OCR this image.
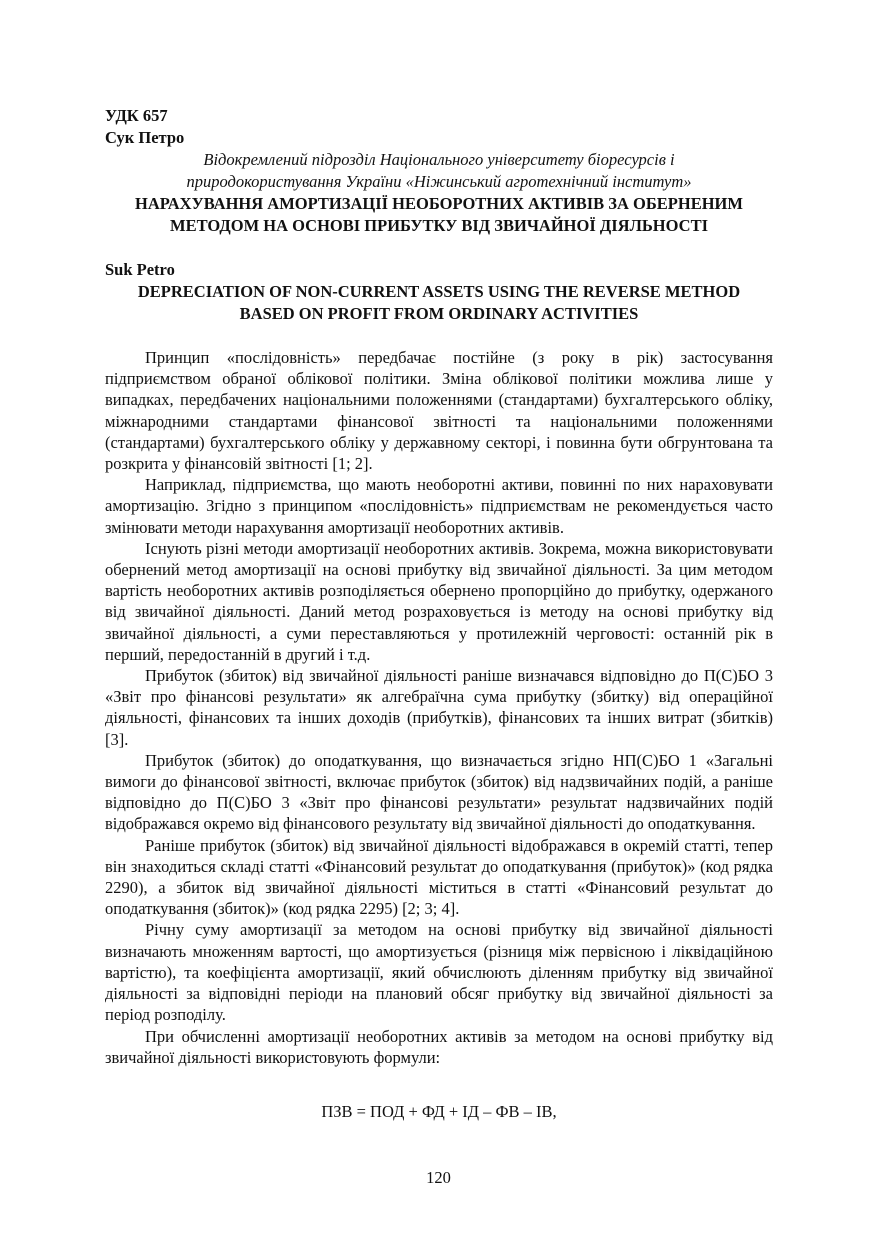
УДК 657

Сук Петро

Відокремлений підрозділ Національного університету біоресурсів і

природокористування України «Ніжинський агротехнічний інститут»

НАРАХУВАННЯ АМОРТИЗАЦІЇ НЕОБОРОТНИХ АКТИВІВ ЗА ОБЕРНЕНИМ

МЕТОДОМ НА ОСНОВІ ПРИБУТКУ ВІД ЗВИЧАЙНОЇ ДІЯЛЬНОСТІ

Suk Petro

DEPRECIATION OF NON-CURRENT ASSETS USING THE REVERSE METHOD

BASED ON PROFIT FROM ORDINARY ACTIVITIES

Принцип «послідовність» передбачає постійне (з року в рік) застосування підприємством обраної облікової політики. Зміна облікової політики можлива лише у випадках, передбачених національними положеннями (стандартами) бухгалтерського обліку, міжнародними стандартами фінансової звітності та національними положеннями (стандартами) бухгалтерського обліку у державному секторі, і повинна бути обгрунтована та розкрита у фінансовій звітності [1; 2].

Наприклад, підприємства, що мають необоротні активи, повинні по них нараховувати амортизацію. Згідно з принципом «послідовність» підприємствам не рекомендується часто змінювати методи нарахування амортизації необоротних активів.

Існують різні методи амортизації необоротних активів. Зокрема, можна використовувати обернений метод амортизації на основі прибутку від звичайної діяльності. За цим методом вартість необоротних активів розподіляється обернено пропорційно до прибутку, одержаного від звичайної діяльності. Даний метод розраховується із методу на основі прибутку від звичайної діяльності, а суми переставляються у протилежній черговості: останній рік в перший, передостанній в другий і т.д.

Прибуток (збиток) від звичайної діяльності раніше визначався відповідно до П(С)БО 3 «Звіт про фінансові результати» як алгебраїчна сума прибутку (збитку) від операційної діяльності, фінансових та інших доходів (прибутків), фінансових та інших витрат (збитків) [3].

Прибуток (збиток) до оподаткування, що визначається згідно НП(С)БО 1 «Загальні вимоги до фінансової звітності, включає прибуток (збиток) від надзвичайних подій, а раніше відповідно до П(С)БО 3 «Звіт про фінансові результати» результат надзвичайних подій відображався окремо від фінансового результату від звичайної діяльності до оподаткування.

Раніше прибуток (збиток) від звичайної діяльності відображався в окремій статті, тепер він знаходиться складі статті «Фінансовий результат до оподаткування (прибуток)» (код рядка 2290), а збиток від звичайної діяльності міститься в статті «Фінансовий результат до оподаткування (збиток)» (код рядка 2295) [2; 3; 4].

Річну суму амортизації за методом на основі прибутку від звичайної діяльності визначають множенням вартості, що амортизується (різниця між первісною і ліквідаційною вартістю), та коефіцієнта амортизації, який обчислюють діленням прибутку від звичайної діяльності за відповідні періоди на плановий обсяг прибутку від звичайної діяльності за період розподілу.

При обчисленні амортизації необоротних активів за методом на основі прибутку від звичайної діяльності використовують формули:

ПЗВ = ПОД + ФД + ІД – ФВ – ІВ,

120
